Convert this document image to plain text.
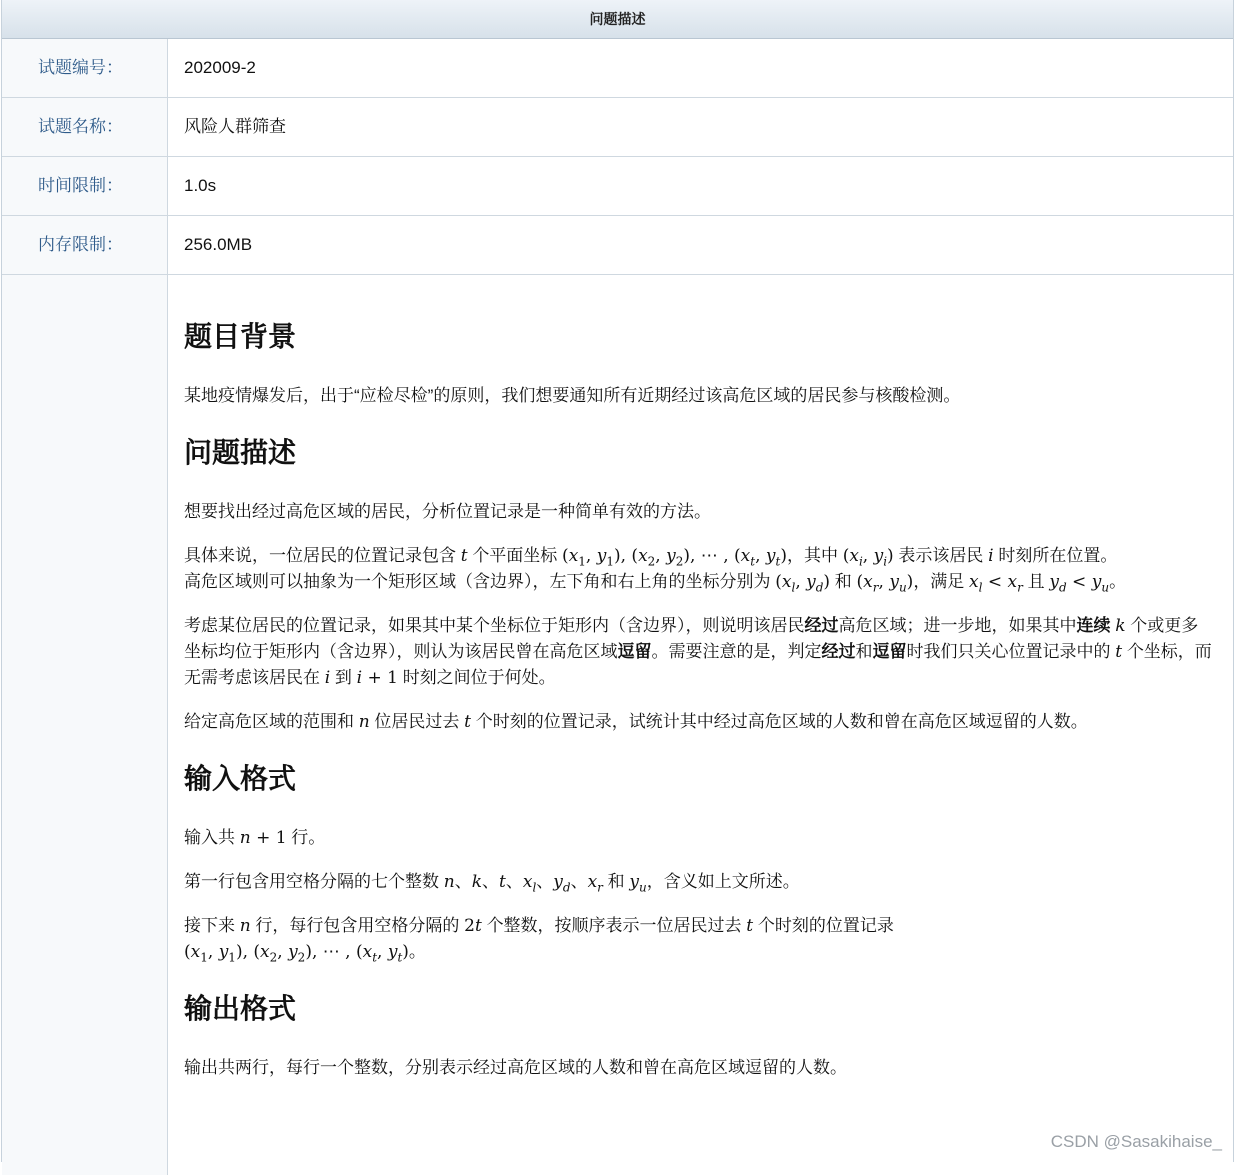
问题描述
试题编号：	202009-2
试题名称：	风险人群筛查
时间限制：	1.0s
内存限制：	256.0MB
题目背景

某地疫情爆发后，出于“应检尽检”的原则，我们想要通知所有近期经过该高危区域的居民参与核酸检测。

问题描述

想要找出经过高危区域的居民，分析位置记录是一种简单有效的方法。

具体来说，一位居民的位置记录包含 t 个平面坐标 ($x_1$, $y_1$), ($x_2$, $y_2$), ⋯ , ($x_t$, $y_t$)，其中 ($x_i$, $y_i$) 表示该居民 i 时刻所在位置。

高危区域则可以抽象为一个矩形区域（含边界），左下角和右上角的坐标分别为 ($x_l$, $y_d$) 和 ($x_r$, $y_u$)，满足 $x_l < x_r$ 且 $y_d < y_u$。

考虑某位居民的位置记录，如果其中某个坐标位于矩形内（含边界），则说明该居民经过高危区域；进一步地，如果其中连续 k 个或更多坐标均位于矩形内（含边界），则认为该居民曾在高危区域逗留。需要注意的是，判定经过和逗留时我们只关心位置记录中的 t 个坐标，而无需考虑该居民在 i 到 i + 1 时刻之间位于何处。

给定高危区域的范围和 n 位居民过去 t 个时刻的位置记录，试统计其中经过高危区域的人数和曾在高危区域逗留的人数。

输入格式

输入共 n + 1 行。

第一行包含用空格分隔的七个整数 n、k、t、$x_l$、$y_d$、$x_r$ 和 $y_u$，含义如上文所述。

接下来 n 行，每行包含用空格分隔的 2t 个整数，按顺序表示一位居民过去 t 个时刻的位置记录
($x_1$, $y_1$), ($x_2$, $y_2$), ⋯ , ($x_t$, $y_t$)。

输出格式

输出共两行，每行一个整数，分别表示经过高危区域的人数和曾在高危区域逗留的人数。

CSDN @Sasakihaise_
